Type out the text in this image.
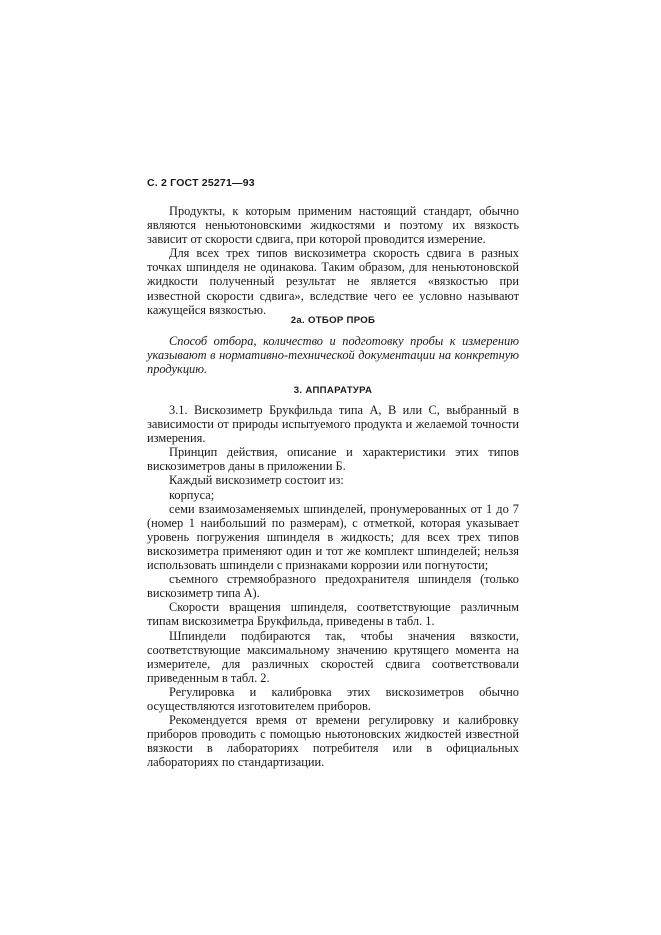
С. 2 ГОСТ 25271—93

Продукты, к которым применим настоящий стандарт, обычно являются неньютоновскими жидкостями и поэтому их вязкость зависит от скорости сдвига, при которой проводится измерение.

Для всех трех типов вискозиметра скорость сдвига в разных точках шпинделя не одинакова. Таким образом, для неньютоновской жидкости полученный результат не является «вязкостью при известной скорости сдвига», вследствие чего ее условно называют кажущейся вязкостью.

2а. ОТБОР ПРОБ

Способ отбора, количество и подготовку пробы к измерению указывают в нормативно-технической документации на конкретную продукцию.

3. АППАРАТУРА

3.1. Вискозиметр Брукфильда типа А, В или С, выбранный в зависимости от природы испытуемого продукта и желаемой точности измерения.

Принцип действия, описание и характеристики этих типов вискозиметров даны в приложении Б.

Каждый вискозиметр состоит из:

корпуса;

семи взаимозаменяемых шпинделей, пронумерованных от 1 до 7 (номер 1 наибольший по размерам), с отметкой, которая указывает уровень погружения шпинделя в жидкость; для всех трех типов вискозиметра применяют один и тот же комплект шпинделей; нельзя использовать шпиндели с признаками коррозии или погнутости;

съемного стремяобразного предохранителя шпинделя (только вискозиметр типа А).

Скорости вращения шпинделя, соответствующие различным типам вискозиметра Брукфильда, приведены в табл. 1.

Шпиндели подбираются так, чтобы значения вязкости, соответствующие максимальному значению крутящего момента на измерителе, для различных скоростей сдвига соответствовали приведенным в табл. 2.

Регулировка и калибровка этих вискозиметров обычно осуществляются изготовителем приборов.

Рекомендуется время от времени регулировку и калибровку приборов проводить с помощью ньютоновских жидкостей известной вязкости в лабораториях потребителя или в официальных лабораториях по стандартизации.
